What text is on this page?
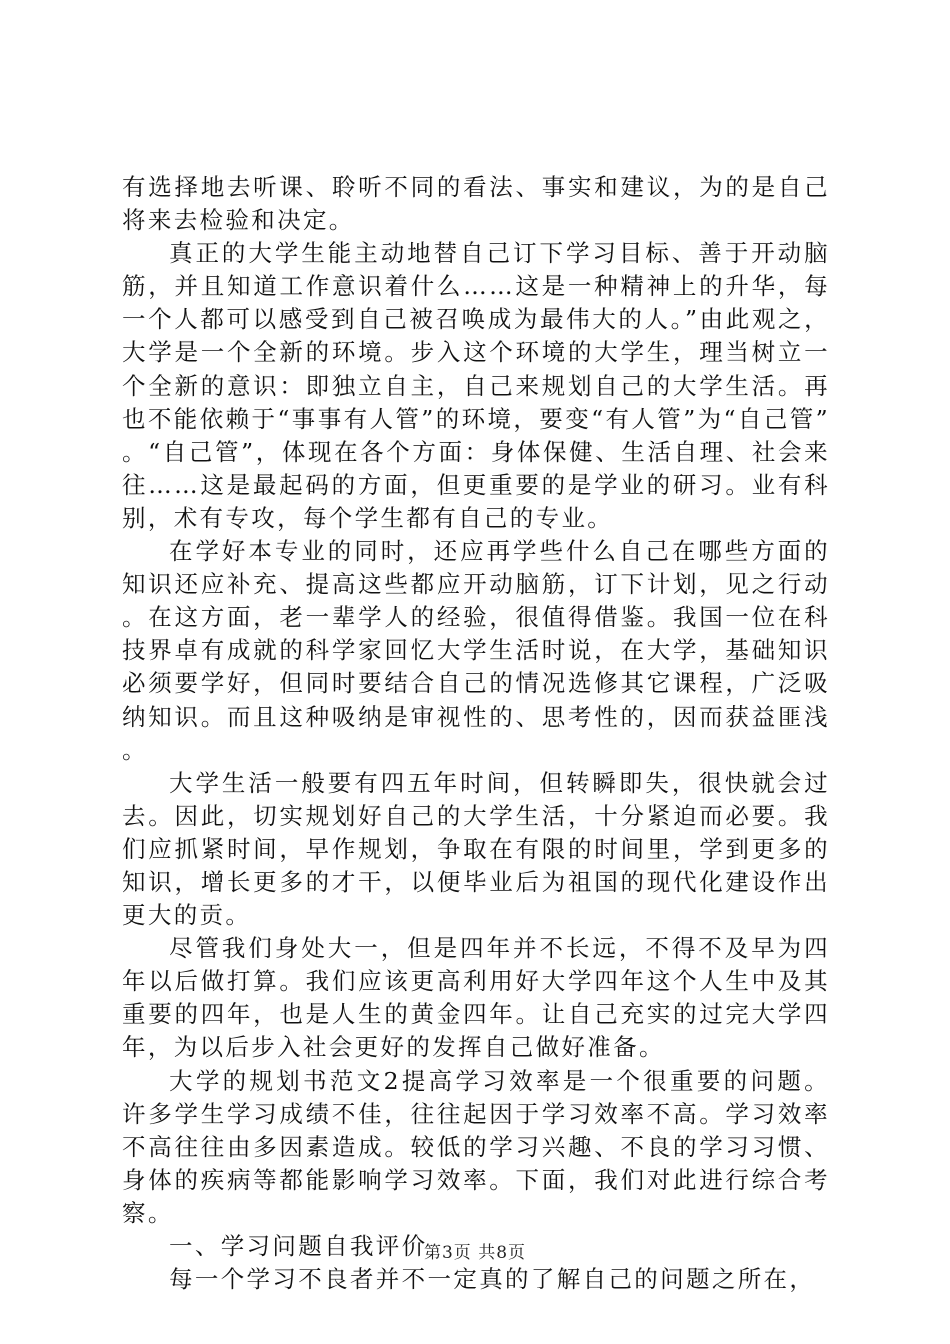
有选择地去听课、聆听不同的看法、事实和建议，为的是自己将来去检验和决定。

真正的大学生能主动地替自己订下学习目标、善于开动脑筋，并且知道工作意识着什么……这是一种精神上的升华，每一个人都可以感受到自己被召唤成为最伟大的人。”由此观之，大学是一个全新的环境。步入这个环境的大学生，理当树立一个全新的意识：即独立自主，自己来规划自己的大学生活。再也不能依赖于“事事有人管”的环境，要变“有人管”为“自己管”。“自己管”，体现在各个方面：身体保健、生活自理、社会来往……这是最起码的方面，但更重要的是学业的研习。业有科别，术有专攻，每个学生都有自己的专业。

在学好本专业的同时，还应再学些什么自己在哪些方面的知识还应补充、提高这些都应开动脑筋，订下计划，见之行动。在这方面，老一辈学人的经验，很值得借鉴。我国一位在科技界卓有成就的科学家回忆大学生活时说，在大学，基础知识必须要学好，但同时要结合自己的情况选修其它课程，广泛吸纳知识。而且这种吸纳是审视性的、思考性的，因而获益匪浅。

大学生活一般要有四五年时间，但转瞬即失，很快就会过去。因此，切实规划好自己的大学生活，十分紧迫而必要。我们应抓紧时间，早作规划，争取在有限的时间里，学到更多的知识，增长更多的才干，以便毕业后为祖国的现代化建设作出更大的贡。

尽管我们身处大一，但是四年并不长远，不得不及早为四年以后做打算。我们应该更高利用好大学四年这个人生中及其重要的四年，也是人生的黄金四年。让自己充实的过完大学四年，为以后步入社会更好的发挥自己做好准备。

大学的规划书范文2提高学习效率是一个很重要的问题。许多学生学习成绩不佳，往往起因于学习效率不高。学习效率不高往往由多因素造成。较低的学习兴趣、不良的学习习惯、身体的疾病等都能影响学习效率。下面，我们对此进行综合考察。

一、学习问题自我评价

每一个学习不良者并不一定真的了解自己的问题之所在，

第3页 共8页
